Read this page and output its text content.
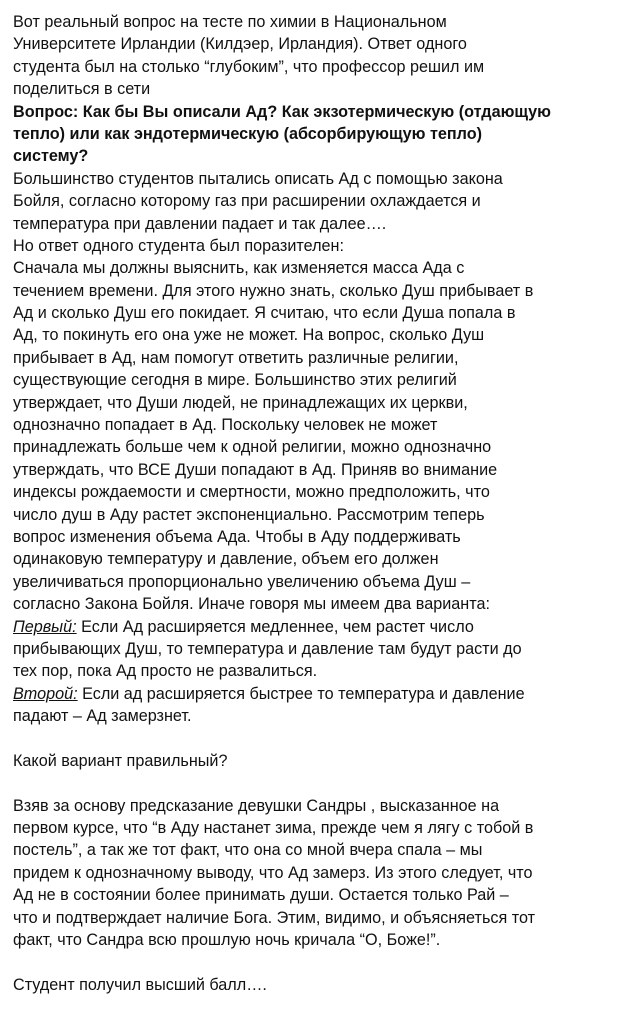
Вот реальный вопрос на тесте по химии в Национальном
Университете Ирландии (Килдэер, Ирландия). Ответ одного
студента был на столько “глубоким”, что профессор решил им
поделиться в сети
Вопрос: Как бы Вы описали Ад? Как экзотермическую (отдающую
тепло) или как эндотермическую (абсорбирующую тепло)
систему?
Большинство студентов пытались описать Ад с помощью закона
Бойля, согласно которому газ при расширении охлаждается и
температура при давлении падает и так далее….
Но ответ одного студента был поразителен:
Сначала мы должны выяснить, как изменяется масса Ада с
течением времени. Для этого нужно знать, сколько Душ прибывает в
Ад и сколько Душ его покидает. Я считаю, что если Душа попала в
Ад, то покинуть его она уже не может. На вопрос, сколько Душ
прибывает в Ад, нам помогут ответить различные религии,
существующие сегодня в мире. Большинство этих религий
утверждает, что Души людей, не принадлежащих их церкви,
однозначно попадает в Ад. Поскольку человек не может
принадлежать больше чем к одной религии, можно однозначно
утверждать, что ВСЕ Души попадают в Ад. Приняв во внимание
индексы рождаемости и смертности, можно предположить, что
число душ в Аду растет экспоненциально. Рассмотрим теперь
вопрос изменения объема Ада. Чтобы в Аду поддерживать
одинаковую температуру и давление, объем его должен
увеличиваться пропорционально увеличению объема Душ –
согласно Закона Бойля. Иначе говоря мы имеем два варианта:
Первый: Если Ад расширяется медленнее, чем растет число
прибывающих Душ, то температура и давление там будут расти до
тех пор, пока Ад просто не развалиться.
Второй: Если ад расширяется быстрее то температура и давление
падают – Ад замерзнет.
Какой вариант правильный?
Взяв за основу предсказание девушки Сандры , высказанное на
первом курсе, что “в Аду настанет зима, прежде чем я лягу с тобой в
постель”, а так же тот факт, что она со мной вчера спала – мы
придем к однозначному выводу, что Ад замерз. Из этого следует, что
Ад не в состоянии более принимать души. Остается только Рай –
что и подтверждает наличие Бога. Этим, видимо, и объясняеться тот
факт, что Сандра всю прошлую ночь кричала “О, Боже!”.
Студент получил высший балл….
